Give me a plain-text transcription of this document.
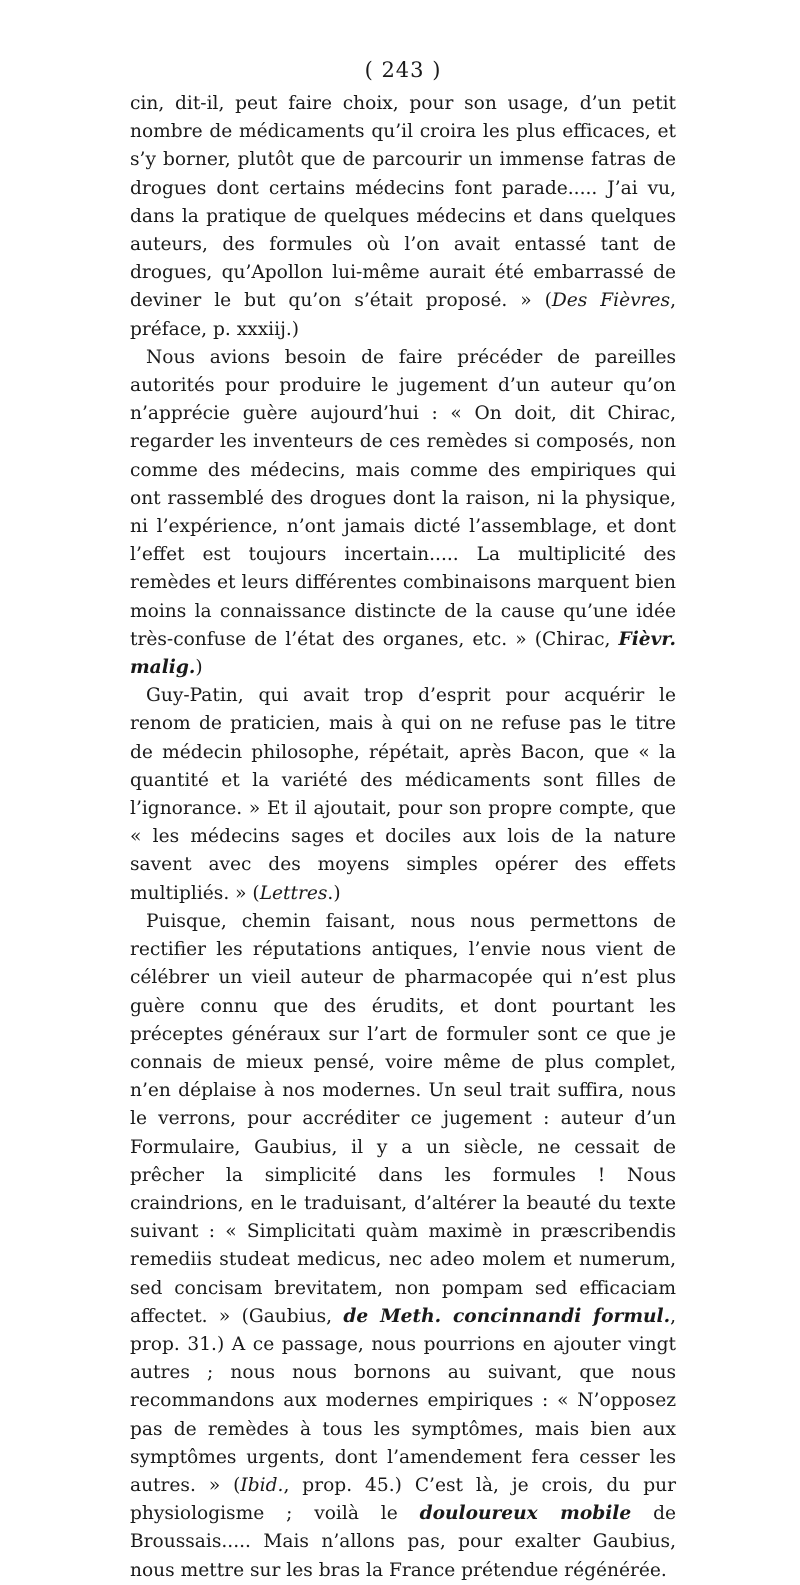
( 243 )

cin, dit-il, peut faire choix, pour son usage, d’un petit nombre de médicaments qu’il croira les plus efficaces, et s’y borner, plutôt que de parcourir un immense fatras de drogues dont certains médecins font parade..... J’ai vu, dans la pratique de quelques médecins et dans quelques auteurs, des formules où l’on avait entassé tant de drogues, qu’Apollon lui-même aurait été embarrassé de deviner le but qu’on s’était proposé. » (Des Fièvres, préface, p. xxxiij.)

Nous avions besoin de faire précéder de pareilles autorités pour produire le jugement d’un auteur qu’on n’apprécie guère aujourd’hui : « On doit, dit Chirac, regarder les inventeurs de ces remèdes si composés, non comme des médecins, mais comme des empiriques qui ont rassemblé des drogues dont la raison, ni la physique, ni l’expérience, n’ont jamais dicté l’assemblage, et dont l’effet est toujours incertain..... La multiplicité des remèdes et leurs différentes combinaisons marquent bien moins la connaissance distincte de la cause qu’une idée très-confuse de l’état des organes, etc. » (Chirac, Fièvr. malig.)

Guy-Patin, qui avait trop d’esprit pour acquérir le renom de praticien, mais à qui on ne refuse pas le titre de médecin philosophe, répétait, après Bacon, que « la quantité et la variété des médicaments sont filles de l’ignorance. » Et il ajoutait, pour son propre compte, que « les médecins sages et dociles aux lois de la nature savent avec des moyens simples opérer des effets multipliés. » (Lettres.)

Puisque, chemin faisant, nous nous permettons de rectifier les réputations antiques, l’envie nous vient de célébrer un vieil auteur de pharmacopée qui n’est plus guère connu que des érudits, et dont pourtant les préceptes généraux sur l’art de formuler sont ce que je connais de mieux pensé, voire même de plus complet, n’en déplaise à nos modernes. Un seul trait suffira, nous le verrons, pour accréditer ce jugement : auteur d’un Formulaire, Gaubius, il y a un siècle, ne cessait de prêcher la simplicité dans les formules ! Nous craindrions, en le traduisant, d’altérer la beauté du texte suivant : « Simplicitati quàm maximè in præscribendis remediis studeat medicus, nec adeo molem et numerum, sed concisam brevitatem, non pompam sed efficaciam affectet. » (Gaubius, de Meth. concinnandi formul., prop. 31.) A ce passage, nous pourrions en ajouter vingt autres ; nous nous bornons au suivant, que nous recommandons aux modernes empiriques : « N’opposez pas de remèdes à tous les symptômes, mais bien aux symptômes urgents, dont l’amendement fera cesser les autres. » (Ibid., prop. 45.) C’est là, je crois, du pur physiologisme ; voilà le douloureux mobile de Broussais..... Mais n’allons pas, pour exalter Gaubius, nous mettre sur les bras la France prétendue régénérée.
